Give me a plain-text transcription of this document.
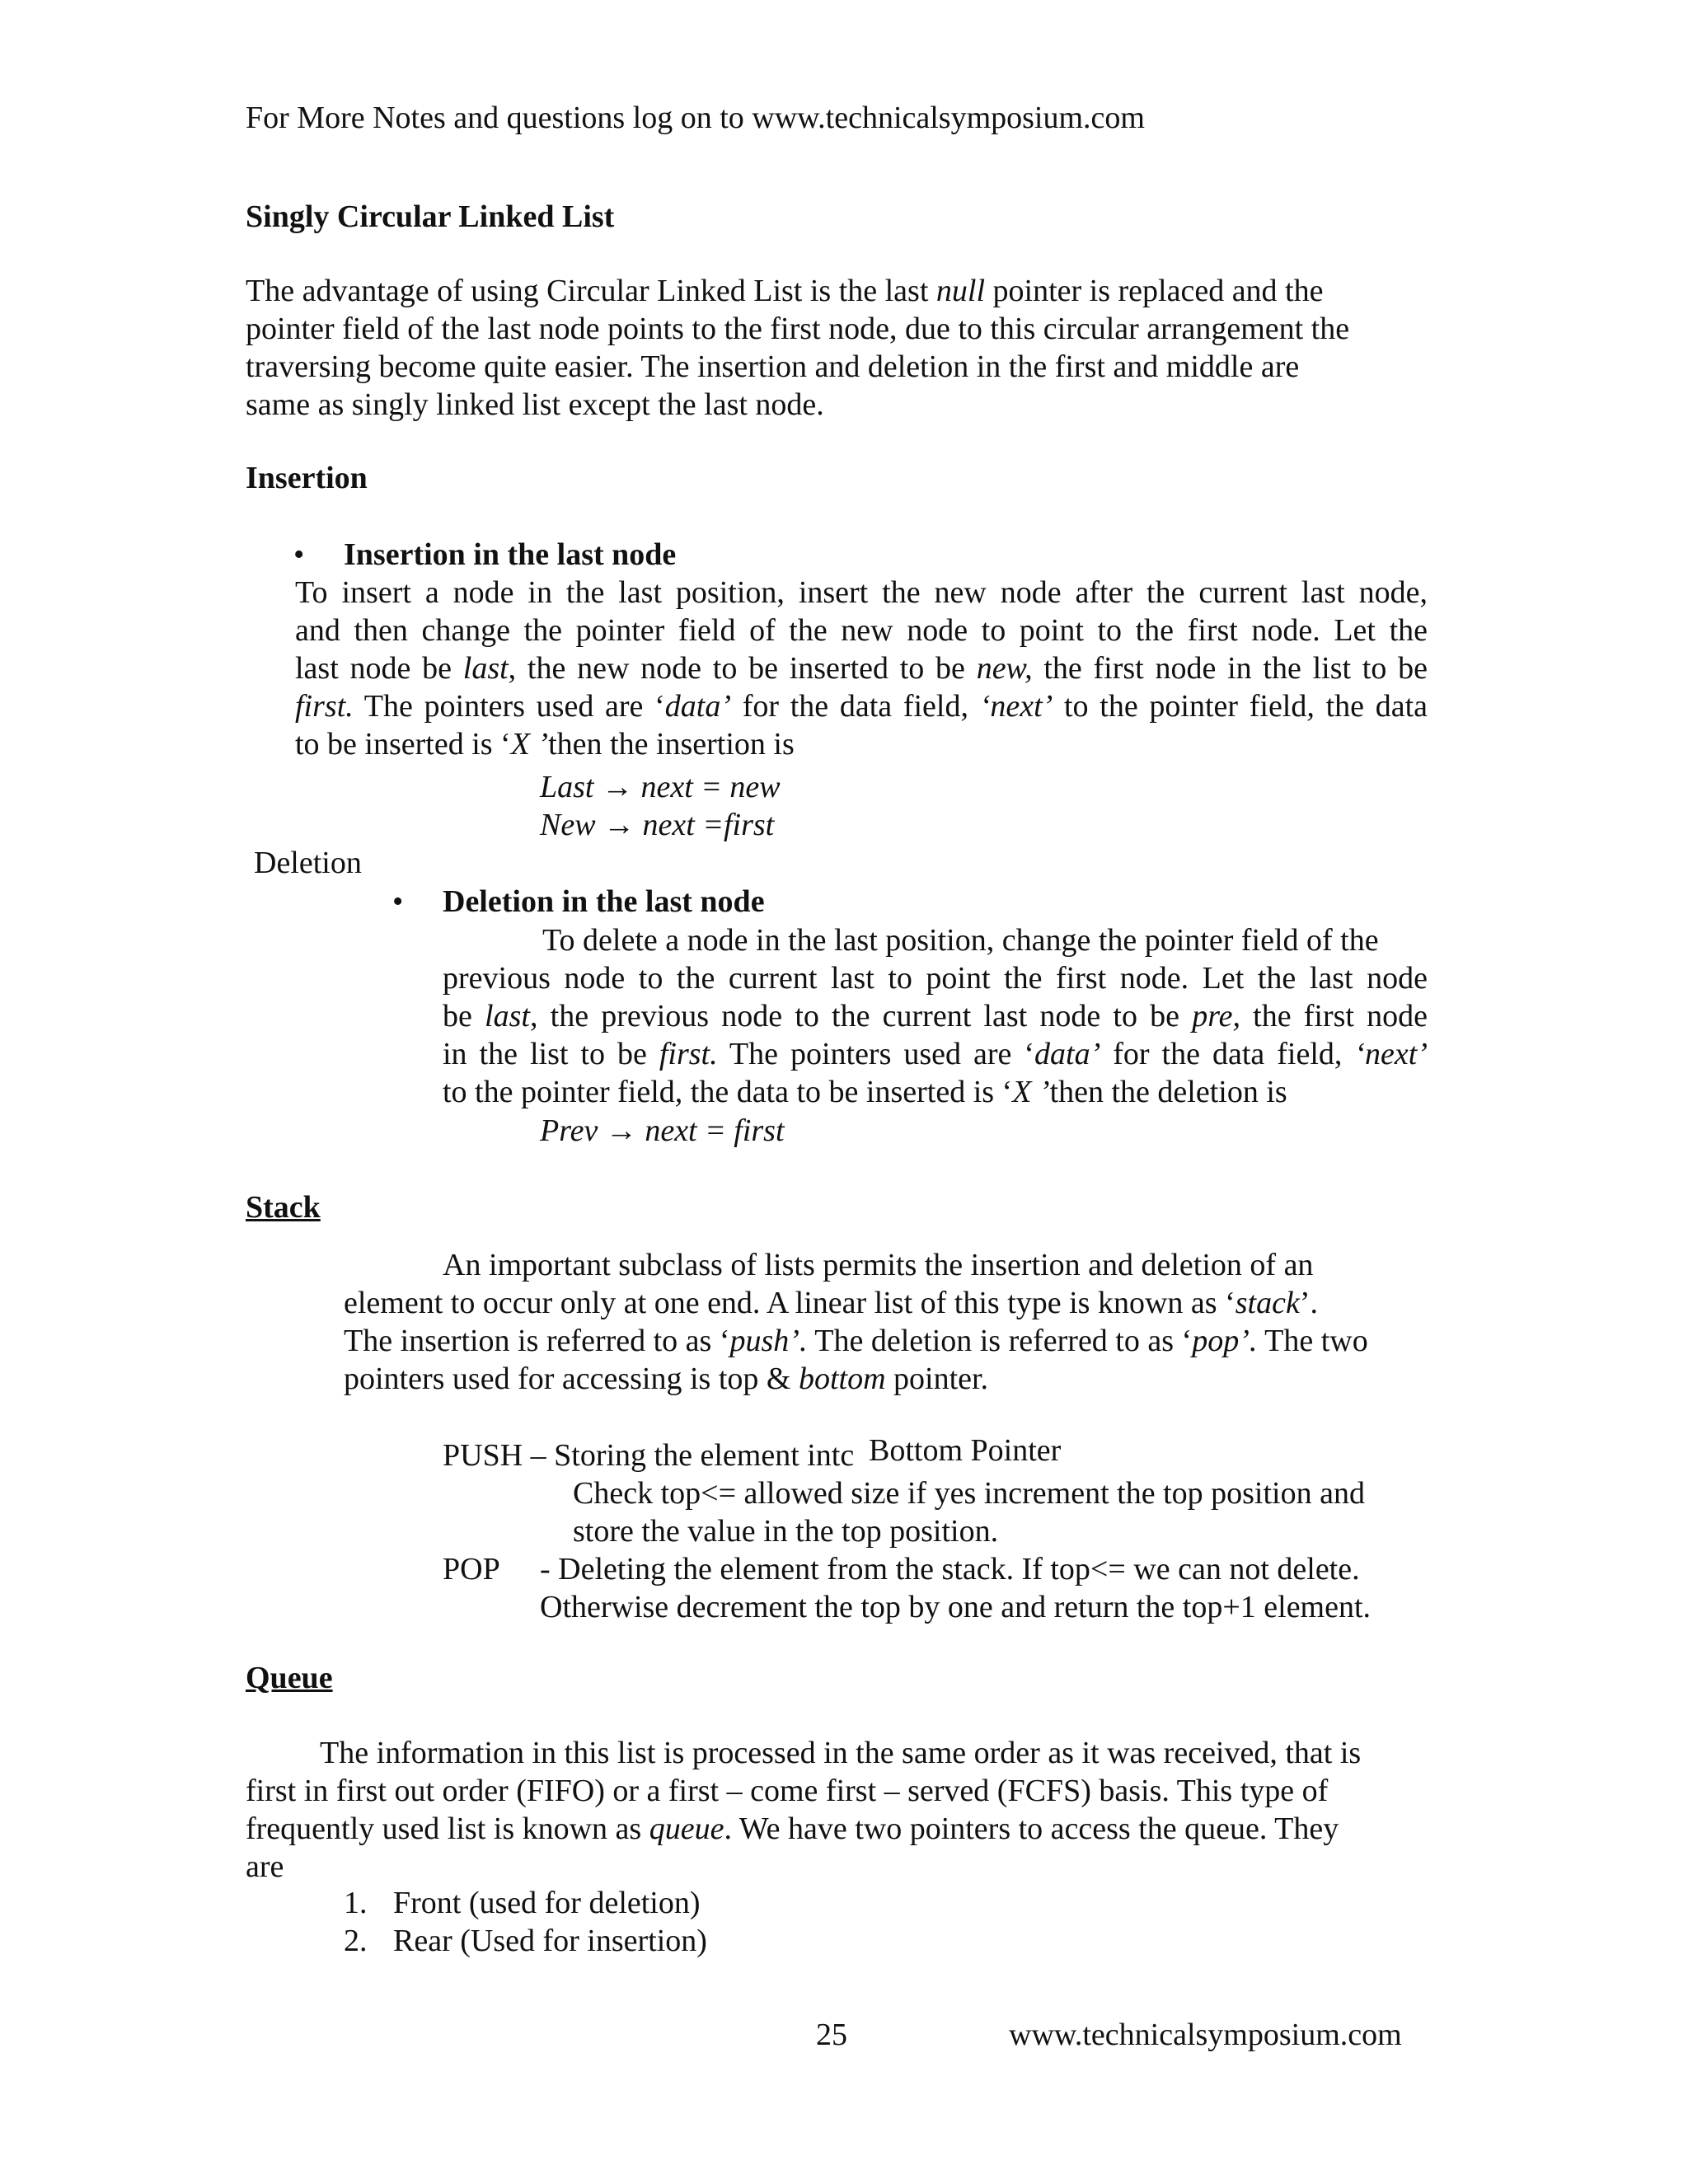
For More Notes and questions log on to www.technicalsymposium.com
Singly Circular Linked List
The advantage of using Circular Linked List is the last null pointer is replaced and the
pointer field of the last node points to the first node, due to this circular arrangement the
traversing become quite easier. The insertion and deletion in the first and middle are
same as singly linked list except the last node.
Insertion
• Insertion in the last node
To insert a node in the last position, insert the new node after the current last node,
and then change the pointer field of the new node to point to the first node. Let the
last node be last, the new node to be inserted to be new, the first node in the list to be
first. The pointers used are ‘data’ for the data field, ‘next’ to the pointer field, the data
to be inserted is ‘X ’then the insertion is
Last → next = new
New → next =first
Deletion
• Deletion in the last node
To delete a node in the last position, change the pointer field of the
previous node to the current last to point the first node. Let the last node
be last, the previous node to the current last node to be pre, the first node
in the list to be first. The pointers used are ‘data’ for the data field, ‘next’
to the pointer field, the data to be inserted is ‘X ’then the deletion is
Prev → next = first
Stack
An important subclass of lists permits the insertion and deletion of an
element to occur only at one end. A linear list of this type is known as ‘stack’.
The insertion is referred to as ‘push’. The deletion is referred to as ‘pop’. The two
pointers used for accessing is top & bottom pointer.
PUSH – Storing the element intc Bottom Pointer
Check top<= allowed size if yes increment the top position and
store the value in the top position.
POP - Deleting the element from the stack. If top<= we can not delete.
Otherwise decrement the top by one and return the top+1 element.
Queue
The information in this list is processed in the same order as it was received, that is
first in first out order (FIFO) or a first – come first – served (FCFS) basis. This type of
frequently used list is known as queue. We have two pointers to access the queue. They
are
1. Front (used for deletion)
2. Rear (Used for insertion)
25	www.technicalsymposium.com
